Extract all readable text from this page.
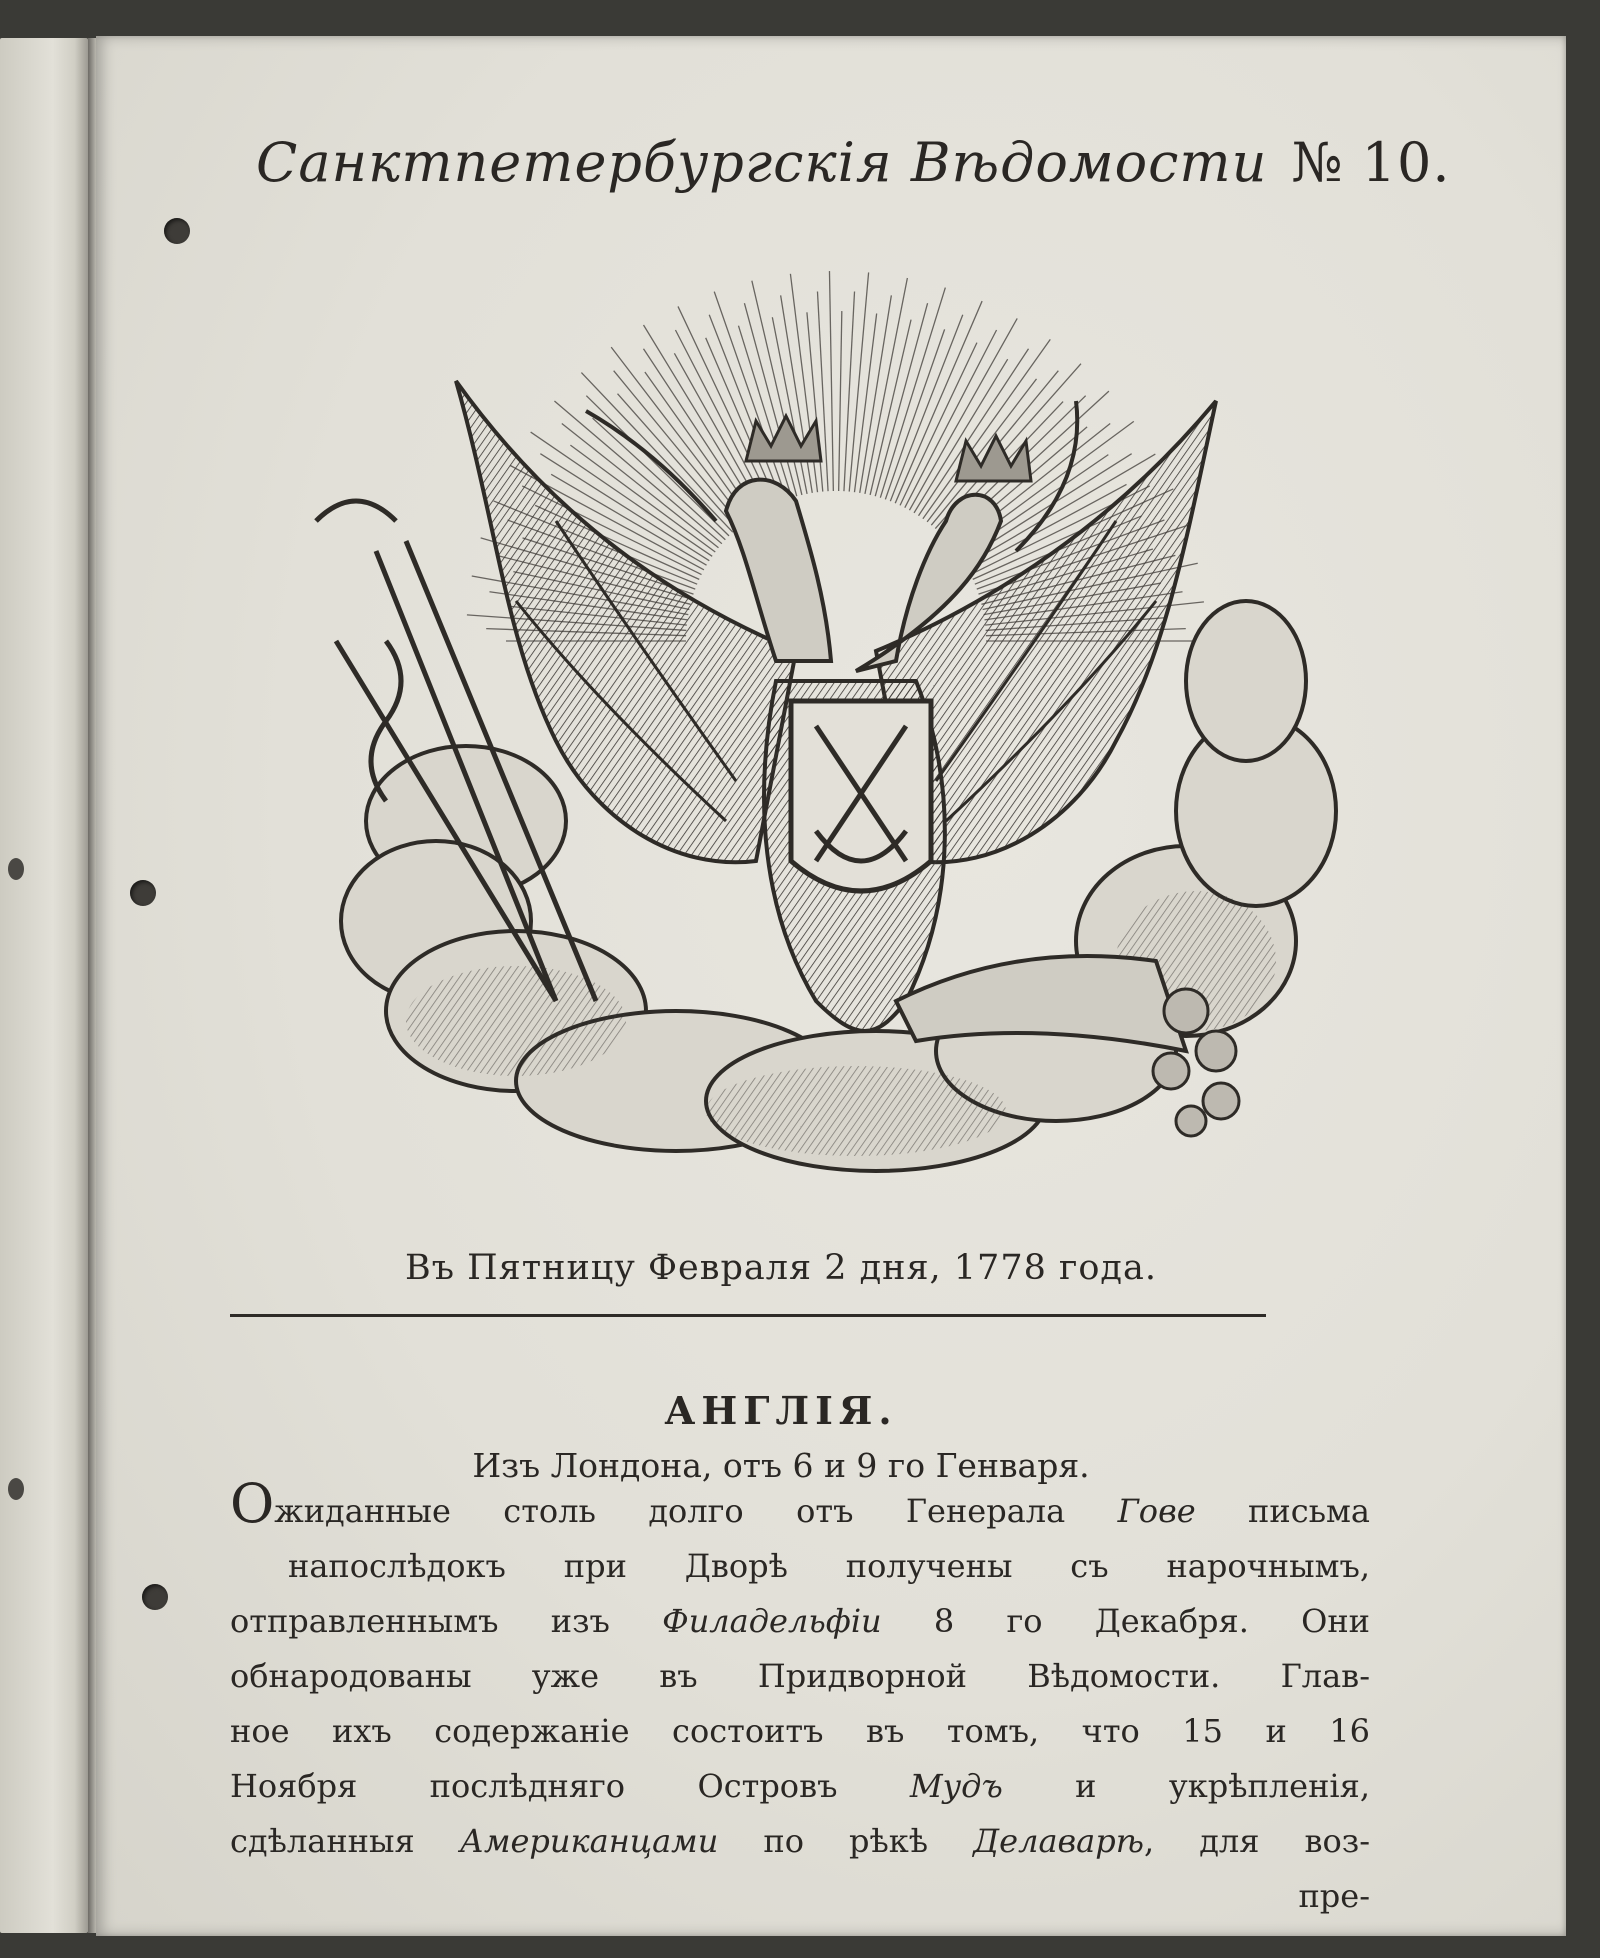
Санктпетербургскія Вѣдомости № 10.
Въ Пятницу Февраля 2 дня, 1778 года.
АНГЛІЯ.
Изъ Лондона, отъ 6 и 9 го Генваря.
Ожиданные столь долго отъ Генерала Гове письма
напослѣдокъ при Дворѣ получены съ нарочнымъ,
отправленнымъ изъ Филадельфіи 8 го Декабря. Они
обнародованы уже въ Придворной Вѣдомости. Глав-
ное ихъ содержаніе состоитъ въ томъ, что 15 и 16
Ноября послѣдняго Островъ Мудъ и укрѣпленія,
сдѣланныя Американцами по рѣкѣ Делаварѣ, для воз-
пре-
